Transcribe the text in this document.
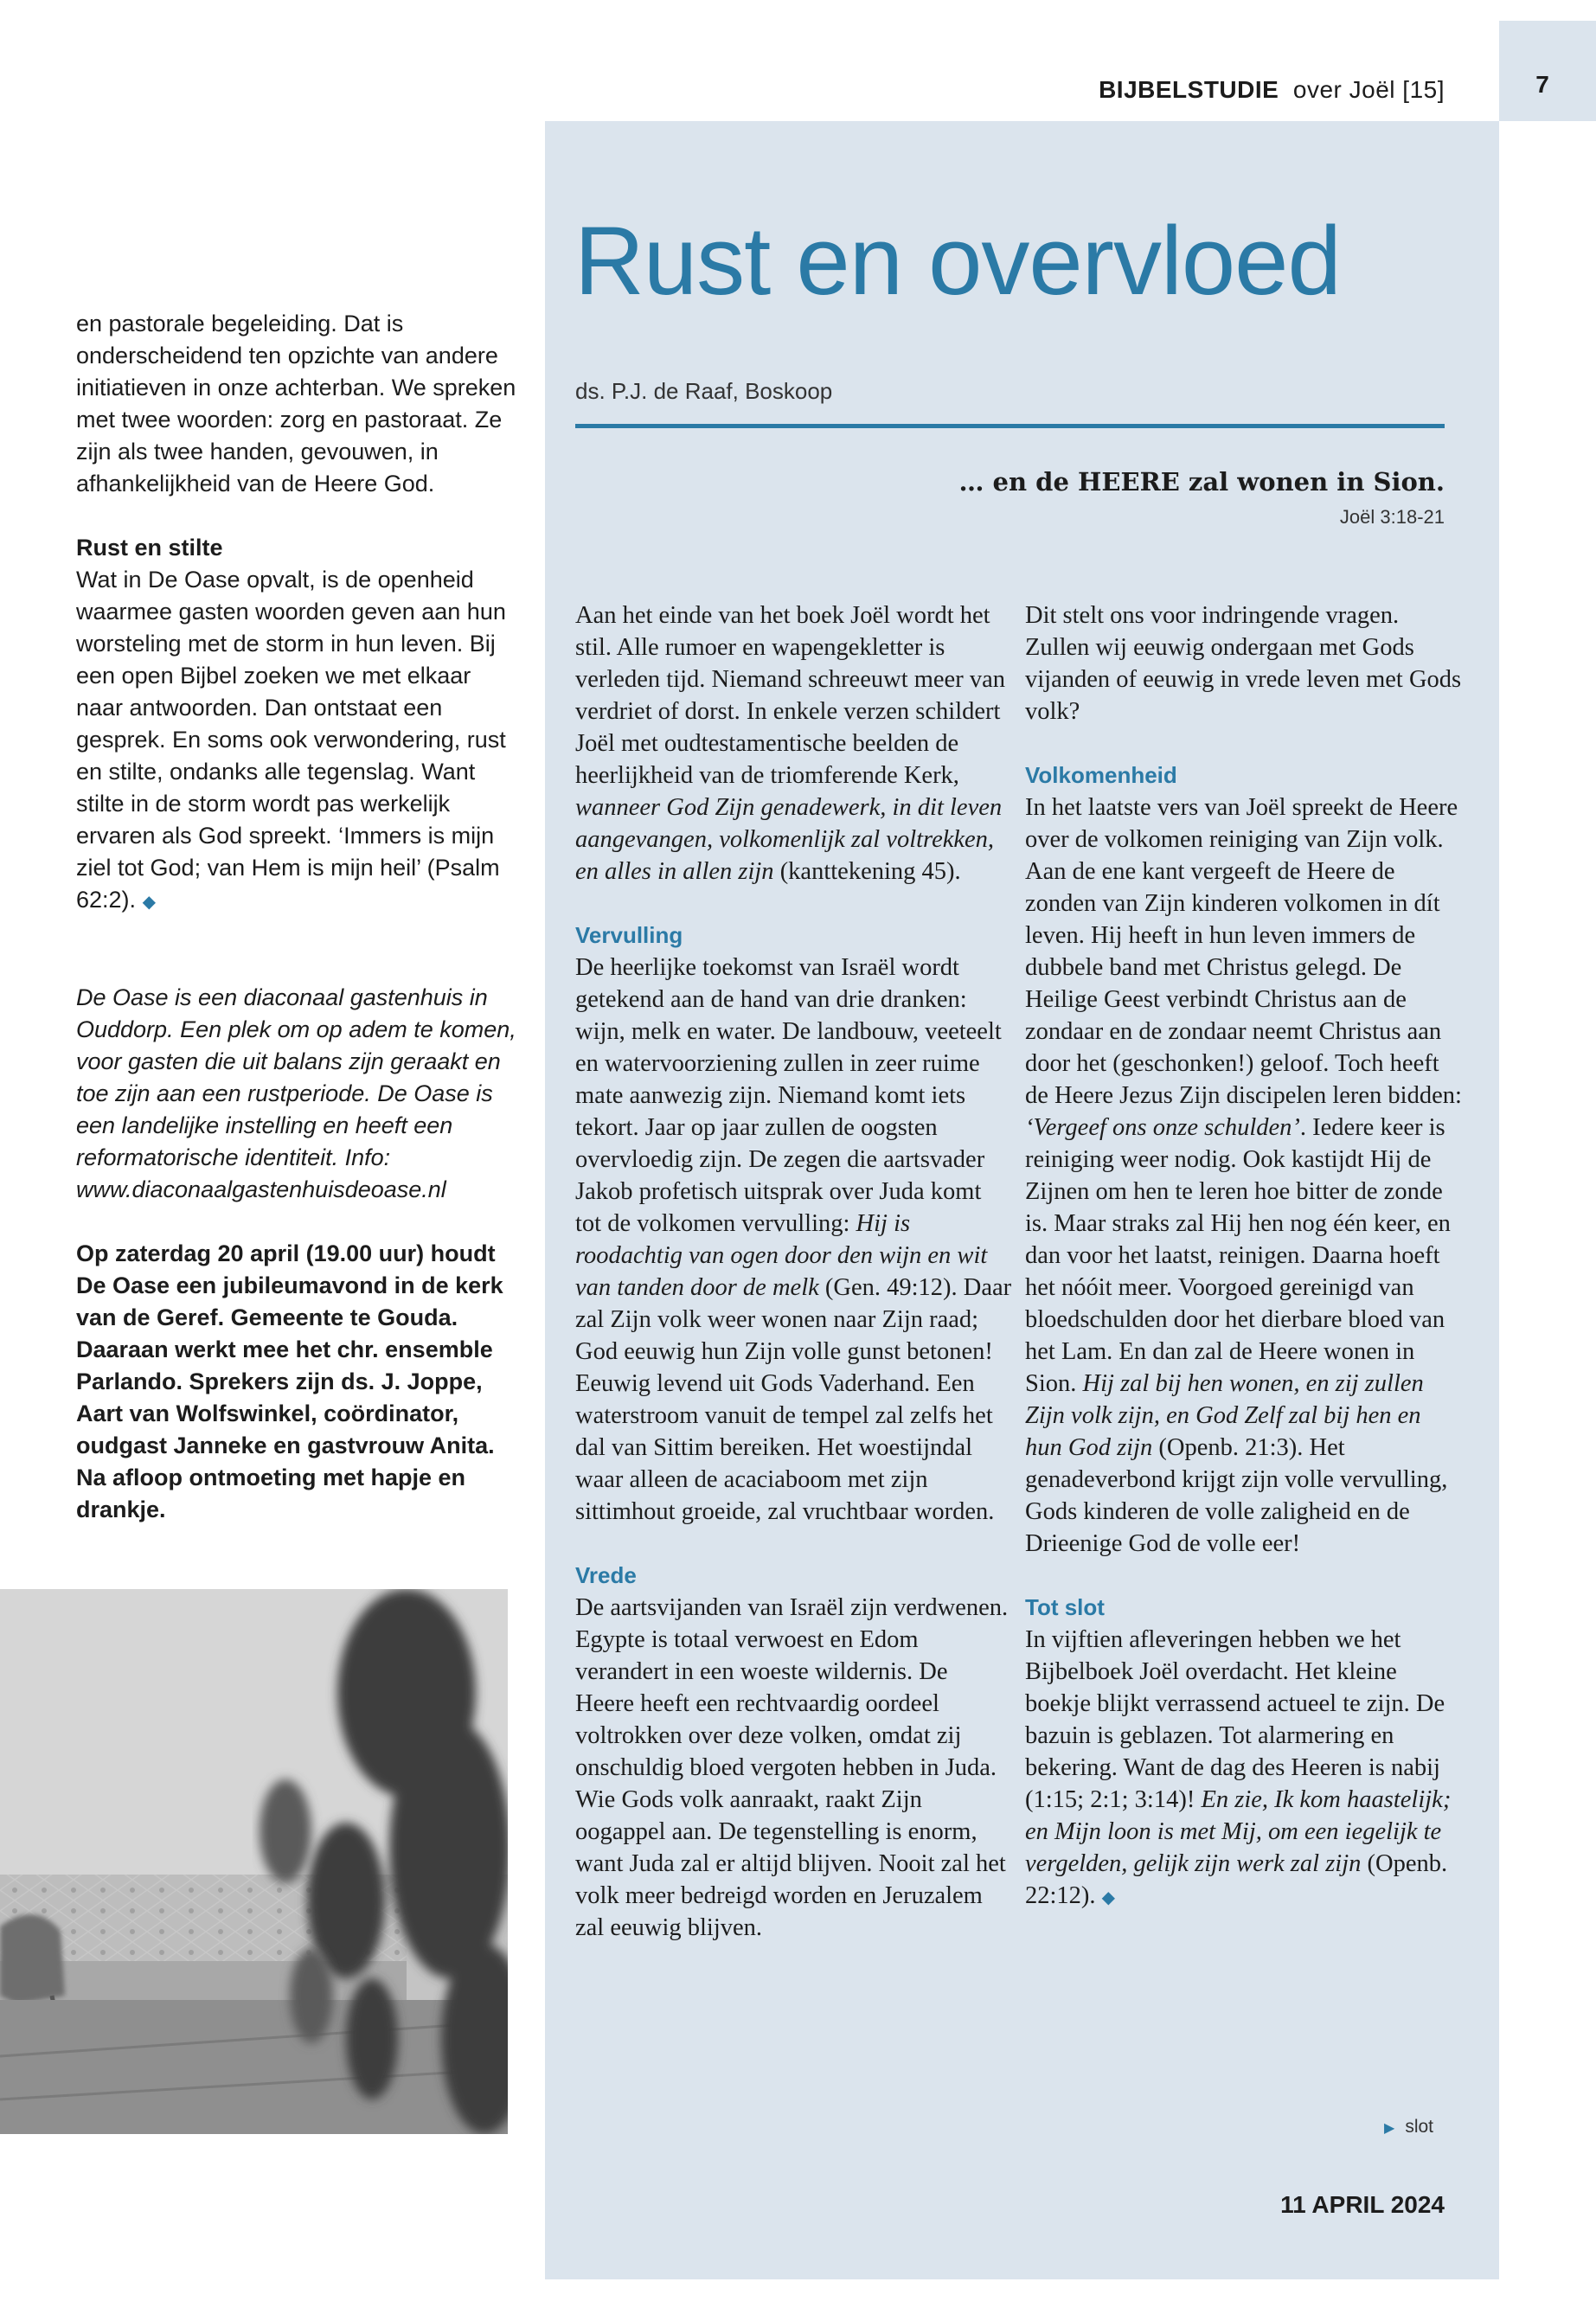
7
BIJBELSTUDIE over Joël [15]
Rust en overvloed
ds. P.J. de Raaf, Boskoop
… en de HEERE zal wonen in Sion.
Joël 3:18-21

en pastorale begeleiding. Dat is onderscheidend ten opzichte van andere initiatieven in onze achterban. We spreken met twee woorden: zorg en pastoraat. Ze zijn als twee handen, gevouwen, in afhankelijkheid van de Heere God.

Rust en stilte

Wat in De Oase opvalt, is de openheid waarmee gasten woorden geven aan hun worsteling met de storm in hun leven. Bij een open Bijbel zoeken we met elkaar naar antwoorden. Dan ontstaat een gesprek. En soms ook verwondering, rust en stilte, ondanks alle tegenslag. Want stilte in de storm wordt pas werkelijk ervaren als God spreekt. ‘Immers is mijn ziel tot God; van Hem is mijn heil’ (Psalm 62:2). ◆

De Oase is een diaconaal gastenhuis in Ouddorp. Een plek om op adem te komen, voor gasten die uit balans zijn geraakt en toe zijn aan een rustperiode. De Oase is een landelijke instelling en heeft een reformatorische identiteit. Info: www.diaconaalgastenhuisdeoase.nl

Op zaterdag 20 april (19.00 uur) houdt De Oase een jubileumavond in de kerk van de Geref. Gemeente te Gouda. Daaraan werkt mee het chr. ensemble Parlando. Sprekers zijn ds. J. Joppe, Aart van Wolfswinkel, coördinator, oudgast Janneke en gastvrouw Anita. Na afloop ontmoeting met hapje en drankje.

Aan het einde van het boek Joël wordt het stil. Alle rumoer en wapengekletter is verleden tijd. Niemand schreeuwt meer van verdriet of dorst. In enkele verzen schildert Joël met oudtestamentische beelden de heerlijkheid van de triomferende Kerk, wanneer God Zijn genadewerk, in dit leven aangevangen, volkomenlijk zal voltrekken, en alles in allen zijn (kanttekening 45).

Vervulling

De heerlijke toekomst van Israël wordt getekend aan de hand van drie dranken: wijn, melk en water. De landbouw, veeteelt en watervoorziening zullen in zeer ruime mate aanwezig zijn. Niemand komt iets tekort. Jaar op jaar zullen de oogsten overvloedig zijn. De zegen die aartsvader Jakob profetisch uitsprak over Juda komt tot de volkomen vervulling: Hij is roodachtig van ogen door den wijn en wit van tanden door de melk (Gen. 49:12). Daar zal Zijn volk weer wonen naar Zijn raad; God eeuwig hun Zijn volle gunst betonen! Eeuwig levend uit Gods Vaderhand. Een waterstroom vanuit de tempel zal zelfs het dal van Sittim bereiken. Het woestijndal waar alleen de acaciaboom met zijn sittimhout groeide, zal vruchtbaar worden.

Vrede

De aartsvijanden van Israël zijn verdwenen. Egypte is totaal verwoest en Edom verandert in een woeste wildernis. De Heere heeft een rechtvaardig oordeel voltrokken over deze volken, omdat zij onschuldig bloed vergoten hebben in Juda. Wie Gods volk aanraakt, raakt Zijn oogappel aan. De tegenstelling is enorm, want Juda zal er altijd blijven. Nooit zal het volk meer bedreigd worden en Jeruzalem zal eeuwig blijven.

Dit stelt ons voor indringende vragen. Zullen wij eeuwig ondergaan met Gods vijanden of eeuwig in vrede leven met Gods volk?

Volkomenheid

In het laatste vers van Joël spreekt de Heere over de volkomen reiniging van Zijn volk. Aan de ene kant vergeeft de Heere de zonden van Zijn kinderen volkomen in dít leven. Hij heeft in hun leven immers de dubbele band met Christus gelegd. De Heilige Geest verbindt Christus aan de zondaar en de zondaar neemt Christus aan door het (geschonken!) geloof. Toch heeft de Heere Jezus Zijn discipelen leren bidden: ‘Vergeef ons onze schulden’. Iedere keer is reiniging weer nodig. Ook kastijdt Hij de Zijnen om hen te leren hoe bitter de zonde is. Maar straks zal Hij hen nog één keer, en dan voor het laatst, reinigen. Daarna hoeft het nóóit meer. Voorgoed gereinigd van bloedschulden door het dierbare bloed van het Lam. En dan zal de Heere wonen in Sion. Hij zal bij hen wonen, en zij zullen Zijn volk zijn, en God Zelf zal bij hen en hun God zijn (Openb. 21:3). Het genadeverbond krijgt zijn volle vervulling, Gods kinderen de volle zaligheid en de Drieenige God de volle eer!

Tot slot

In vijftien afleveringen hebben we het Bijbelboek Joël overdacht. Het kleine boekje blijkt verrassend actueel te zijn. De bazuin is geblazen. Tot alarmering en bekering. Want de dag des Heeren is nabij (1:15; 2:1; 3:14)! En zie, Ik kom haastelijk; en Mijn loon is met Mij, om een iegelijk te vergelden, gelijk zijn werk zal zijn (Openb. 22:12). ◆

▶ slot
11 APRIL 2024
